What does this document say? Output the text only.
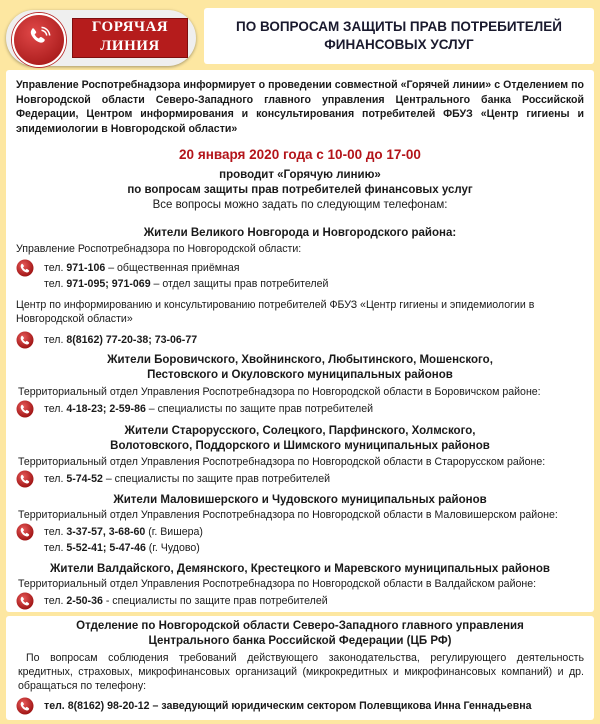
ГОРЯЧАЯ
ЛИНИЯ
ПО ВОПРОСАМ ЗАЩИТЫ ПРАВ ПОТРЕБИТЕЛЕЙ ФИНАНСОВЫХ УСЛУГ
Управление Роспотребнадзора информирует о проведении совместной «Горячей линии» с Отделением по Новгородской области Северо-Западного главного управления Центрального банка Российской Федерации, Центром информирования и консультирования потребителей ФБУЗ «Центр гигиены и эпидемиологии в Новгородской области»
20 января 2020 года с 10-00 до 17-00
проводит «Горячую линию»
по вопросам защиты прав потребителей финансовых услуг
Все вопросы можно задать по следующим телефонам:
Жители Великого Новгорода и Новгородского района:
Управление Роспотребнадзора по Новгородской области:
тел. 971-106 – общественная приёмная
тел. 971-095; 971-069 – отдел защиты прав потребителей
Центр по информированию и консультированию потребителей ФБУЗ «Центр гигиены и эпидемиологии в Новгородской области»
тел. 8(8162) 77-20-38; 73-06-77
Жители Боровичского, Хвойнинского, Любытинского, Мошенского,
Пестовского и Окуловского муниципальных районов
Территориальный отдел Управления Роспотребнадзора по Новгородской области в Боровичском районе:
тел. 4-18-23; 2-59-86 – специалисты по защите прав потребителей
Жители Старорусского, Солецкого, Парфинского, Холмского,
Волотовского, Поддорского и Шимского муниципальных районов
Территориальный отдел Управления Роспотребнадзора по Новгородской области в Старорусском районе:
тел. 5-74-52 – специалисты по защите прав потребителей
Жители Маловишерского и Чудовского муниципальных районов
Территориальный отдел Управления Роспотребнадзора по Новгородской области в Маловишерском районе:
тел. 3-37-57, 3-68-60 (г. Вишера)
тел. 5-52-41; 5-47-46 (г. Чудово)
Жители Валдайского, Демянского, Крестецкого и Маревского муниципальных районов
Территориальный отдел Управления Роспотребнадзора по Новгородской области в Валдайском районе:
тел. 2-50-36 - специалисты по защите прав потребителей
Отделение по Новгородской области Северо-Западного главного управления
Центрального банка Российской Федерации (ЦБ РФ)
По вопросам соблюдения требований действующего законодательства, регулирующего деятельность кредитных, страховых, микрофинансовых организаций (микрокредитных и микрофинансовых компаний) и др. обращаться по телефону:
тел. 8(8162) 98-20-12 – заведующий юридическим сектором Полевщикова Инна Геннадьевна
